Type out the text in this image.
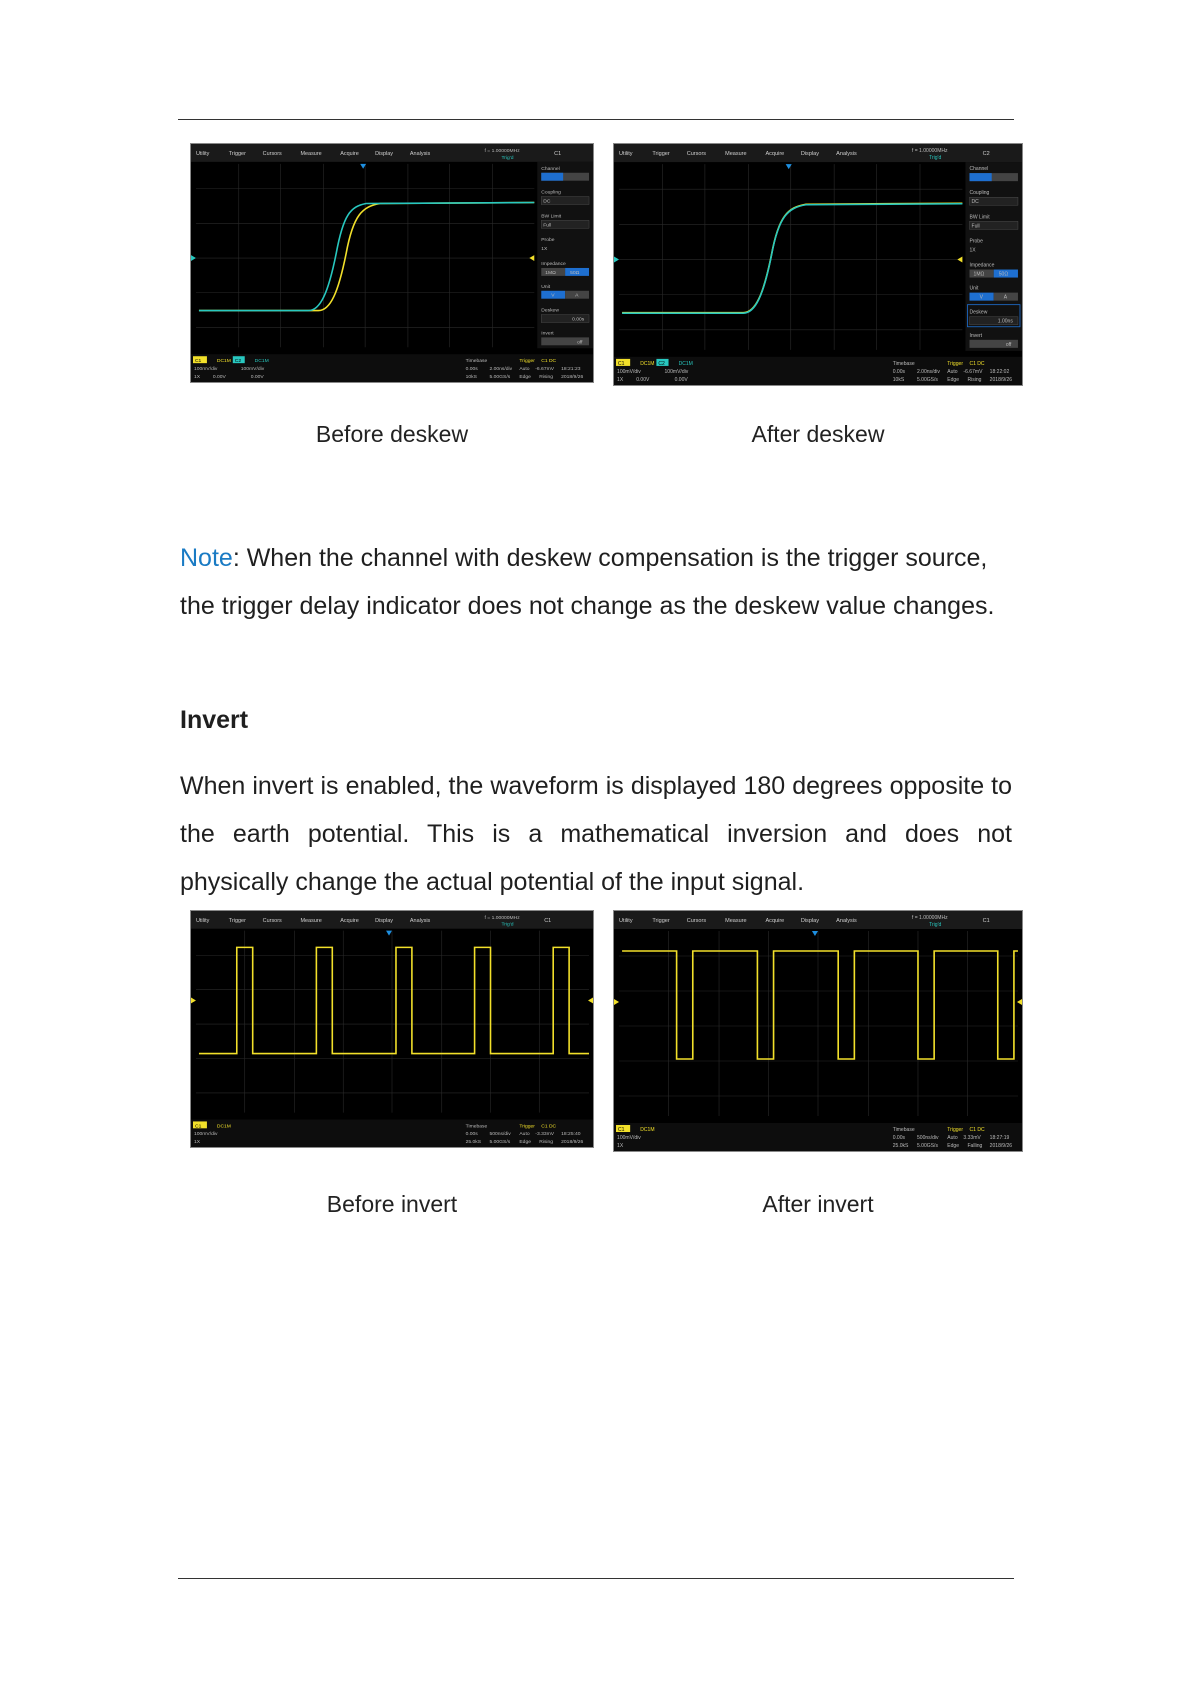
Utility	Trigger	Cursors	Measure	Acquire	Display	Analysis	f = 1.00000MHz
Trig'd
C1
Channel
Coupling
DC
BW Limit
Full
Probe
1X
Impedance
1MΩ	50Ω
Unit
V	A
Deskew
0.00s
Invert
off
C1	DC1M C2	DC1M
100mV/div	100mV/div
1X	0.00V	0.00V
Timebase
0.00s 2.00ns/div
10kS	5.00GS/s
Trigger C1 DC
Auto -6.67mV
Edge Rising
18:21:23
2018/9/26
Utility	Trigger	Cursors	Measure	Acquire	Display	Analysis
f = 1.00000MHz
Trig'd
C2
Channel
Coupling
DC
BW Limit
Full
Probe
1X
Impedance
1MΩ	50Ω
Unit
V	A
Deskew
1.00ns
Invert
off
C1	DC1M C2	DC1M
100mV/div	100mV/div
1X	0.00V	0.00V
Timebase
0.00s 2.00ns/div
10kS	5.00GS/s
Trigger C1 DC
Auto -6.67mV
Edge Rising
18:22:02
2018/9/26
Before deskew	After deskew
Note: When the channel with deskew compensation is the trigger source, the trigger delay indicator does not change as the deskew value changes.
Invert
When invert is enabled, the waveform is displayed 180 degrees opposite to the earth potential. This is a mathematical inversion and does not physically change the actual potential of the input signal.
Utility	Trigger	Cursors	Measure	Acquire	Display	Analysis	f = 1.00000MHz
Trig'd
C1
C1	DC1M
100mV/div
1X
Timebase
0.00s 500ns/div
25.0kS 5.00GS/s
Trigger C1 DC
Auto -3.33mV
Edge Rising
18:25:40
2018/9/26
Utility	Trigger	Cursors	Measure	Acquire	Display	Analysis
f = 1.00000MHz
Trig'd
C1
C1	DC1M
100mV/div
1X
Timebase
0.00s 500ns/div
25.0kS 5.00GS/s
Trigger C1 DC
Auto 3.33mV
Edge Falling
18:27:19
2018/9/26
Before invert	After invert
